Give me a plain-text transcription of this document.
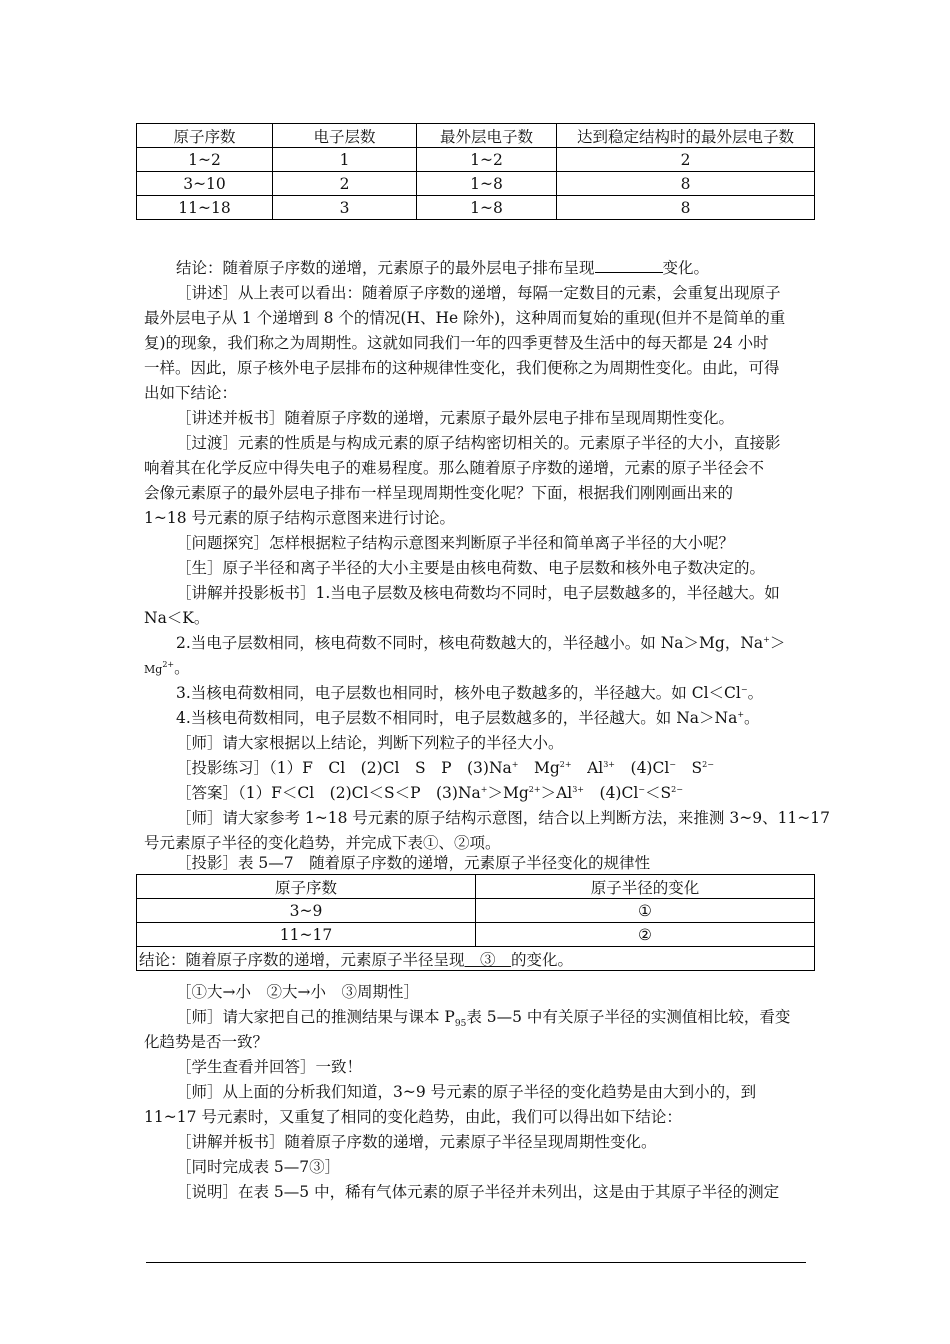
原子序数	电子层数	最外层电子数	达到稳定结构时的最外层电子数
1~2	1	1~2	2
3~10	2	1~8	8
11~18	3	1~8	8
结论：随着原子序数的递增，元素原子的最外层电子排布呈现	变化。
［讲述］从上表可以看出：随着原子序数的递增，每隔一定数目的元素，会重复出现原子
最外层电子从 1 个递增到 8 个的情况(H、He 除外)，这种周而复始的重现(但并不是简单的重
复)的现象，我们称之为周期性。这就如同我们一年的四季更替及生活中的每天都是 24 小时
一样。因此，原子核外电子层排布的这种规律性变化，我们便称之为周期性变化。由此，可得
出如下结论：
［讲述并板书］随着原子序数的递增，元素原子最外层电子排布呈现周期性变化。
［过渡］元素的性质是与构成元素的原子结构密切相关的。元素原子半径的大小，直接影
响着其在化学反应中得失电子的难易程度。那么随着原子序数的递增，元素的原子半径会不
会像元素原子的最外层电子排布一样呈现周期性变化呢？下面，根据我们刚刚画出来的
1~18 号元素的原子结构示意图来进行讨论。
［问题探究］怎样根据粒子结构示意图来判断原子半径和简单离子半径的大小呢？
［生］原子半径和离子半径的大小主要是由核电荷数、电子层数和核外电子数决定的。
［讲解并投影板书］1.当电子层数及核电荷数均不同时，电子层数越多的，半径越大。如
Na＜K。
2.当电子层数相同，核电荷数不同时，核电荷数越大的，半径越小。如 Na＞Mg，Na+＞
$Mg^{2+}$。
3.当核电荷数相同，电子层数也相同时，核外电子数越多的，半径越大。如 Cl＜Cl−。
4.当核电荷数相同，电子层数不相同时，电子层数越多的，半径越大。如 Na＞Na+。
［师］请大家根据以上结论，判断下列粒子的半径大小。
［投影练习］（1）F　Cl　(2)Cl　S　P　(3)Na+　$Mg^{2+}$　$Al^{3+}$　(4)Cl−　$S^{2-}$
［答案］（1）F＜Cl　(2)Cl＜S＜P　$(3)Na^+>Mg^{2+}>Al^{3+}$　$(4)Cl^-<S^{2-}$
［师］请大家参考 1~18 号元素的原子结构示意图，结合以上判断方法，来推测 3~9、11~17
号元素原子半径的变化趋势，并完成下表①、②项。
［投影］表 5—7　随着原子序数的递增，元素原子半径变化的规律性
原子序数	原子半径的变化
3~9	①
11~17	②
结论：随着原子序数的递增，元素原子半径呈现　③　的变化。	
［①大→小　②大→小　③周期性］
［师］请大家把自己的推测结果与课本 $P_{95}$表 5—5 中有关原子半径的实测值相比较，看变
化趋势是否一致？
［学生查看并回答］一致！
［师］从上面的分析我们知道，3~9 号元素的原子半径的变化趋势是由大到小的，到
11~17 号元素时，又重复了相同的变化趋势，由此，我们可以得出如下结论：
［讲解并板书］随着原子序数的递增，元素原子半径呈现周期性变化。
［同时完成表 5—7③］
［说明］在表 5—5 中，稀有气体元素的原子半径并未列出，这是由于其原子半径的测定
